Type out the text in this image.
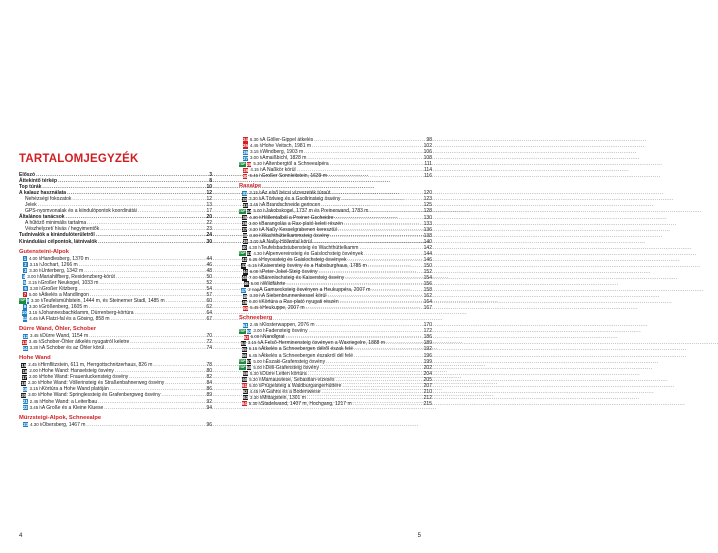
TARTALOMJEGYZÉK
Előszó .....	3
Áttekintő térkép .....	8
Top túrák .....	10
A kalauz használata .....	12
Nehézségi fokozatok .....	12
Jelek .....	13
GPS-nyomvonalak és a kiindulópontok koordinátái .....	17
Általános tanácsok .....	20
A hűtöző minimális tartalma .....	22
Vészhelyzet/ hívás / hegyimentők .....	23
Tudnivalók a kirándulóterületről .....	24
Kirándulási célpontok, látnivalók .....	30
Gutensteini-Alpok
1 4.00 h Handlesberg, 1370 m .....	44
2 3.15 h Jochart, 1266 m .....	46
3 3.30 h Unterberg, 1342 m .....	48
4 3.00 h Mariahilfberg, Residenzberg-körút .....	50
5 3.15 h Großer Neukogel, 1033 m .....	52
6 3.30 h Großer Kitzberg .....	54
7 5.00 h Átkelés a Mandlingon .....	57
TOP 8 3.30 h Teufelsmühlstein, 1444 m, és Steinerner Stadl, 1485 m .....	60
9 3.30 h Größenberg, 1605 m .....	62
10 3.15 h Johannesbachklamm, Dürrenberg-körtúra .....	64
11 4.45 h A Flatzi-fal és a Gösing, 858 m .....	67
Dürre Wand, Öhler, Schober
12 3.45 h Dürre Wand, 1154 m .....	70
13 3.45 h Schober-Öhler átkelés nyugatról keletre .....	72
14 3.30 h A Schober és az Öhler körül .....	74
Hohe Wand
15 2.45 h Hirnflitzstein, 611 m, Herrgottschnitzerhaus, 826 m .....	78
16 2.00 h Hohe Wand: Hanselsteig ösvény .....	80
17 2.00 h Hohe Wand: Frauenluckensteig ösvény .....	82
18 2.30 h Hohe Wand: Völlerinsteig és Straßenbahnerweg ösvény .....	84
19 3.15 h Körtúra a Hohe Wand platóján .....	86
20 3.00 h Hohe Wand: Springlessteig és Grafenbergweg ösvény .....	89
21 2.45 h Hohe Wand: a Leiterlbau .....	92
22 3.45 h A Große és a Kleine Kluese .....	94
Mürzsteigi-Alpok, Schneealpe
23 4.30 h Obersberg, 1467 m .....	96
4
24 5.30 h A Göller-Gippel átkelés .....	98
25 4.45 h Hohe Veitsch, 1981 m .....	102
26 3.15 h Windberg, 1903 m .....	106
27 3.00 h Amaißbichl, 1828 m .....	108
TOP 28 5.30 h Altenbergtöl a Schneealpéra .....	111
29 4.15 h A Naßkör körül .....	114
30 5.45 h Großer Sonnleitstein, 1639 m .....	116
Raxalpe
31 3.15 h Az első bécsi vízvezeték túraút .....	120
32 3.30 h A Törlweg és a Gsollrinsteig ösvény .....	123
33 3.45 h A Brandschneide gerincen .....	125
TOP 34 5.00 h Jakobskogel, 1737 m és Preinerwand, 1783 m .....	128
35 4.30 h Höllentalból a Preiner Gscheidre .....	130
36 3.00 h Barangolás a Rax-plató keleti részén .....	133
37 3.30 h A Naßy Kesselgrabenen keresztül .....	136
38 3.30 h Wachthüttelkammsteig ösvény .....	138
39 3.00 h A Naßy-Höllental körül .....	140
40 4.30 h Teufelsbadstubensteig és Wachthüttelkamm .....	142
TOP 41 4.30 h Alpenvereinsteig és Gaislochsteig ösvények .....	144
42 6.25 h Hoyossteig és Gaislochsteig ösvények .....	146
43 6.15 h Kaisersteig ösvény és a Habsburghaus, 1785 m .....	150
44 6.00 h Peter-Jokel-Steig ösvény .....	152
45 7.00 h Bärenlochsteig és Kaisersteig ösvény .....	154
46 5.00 h Wildfährte .....	156
47 2 nap A Gamsecksteig ösvényen a Heukuppéra, 2007 m .....	158
48 3.30 h A Siebenbrunnenkessel körül .....	162
49 6.00 h Körtúra a Rax-plató nyugati részén .....	164
50 5.45 h Heukuppe, 2007 m .....	167
Schneeberg
51 2.45 h Klosterwappen, 2076 m .....	170
TOP 52 3.00 h Fadensteig ösvény .....	172
53 6.00 h Nandlgrat .....	186
54 3.15 h A Felsõ-Herminensteig ösvényen a Waxriegelre, 1888 m .....	189
55 6.15 h Átkelés a Schneebergen délről észak felé .....	192
56 6.45 h Átkelés a Schneebergen északról dél felé .....	196
TOP 57 5.00 h Északi-Grafensteig ösvény .....	199
TOP 58 5.00 h Déli-Grafensteig ösvény .....	202
59 5.30 h Dürre Leiten körtúra .....	204
60 5.30 h Mamauwiese, Sebastian-vízesés .....	205
61 5.00 h Prügelsteig a Waldburgangerhüttére .....	207
62 4.45 h A Gahns és a Bodenwiese .....	210
63 3.30 h Mittagstein, 1301 m .....	212
64 5.30 h Stadelwand, 1407 m, Hochgang, 1217 m .....	215
5
